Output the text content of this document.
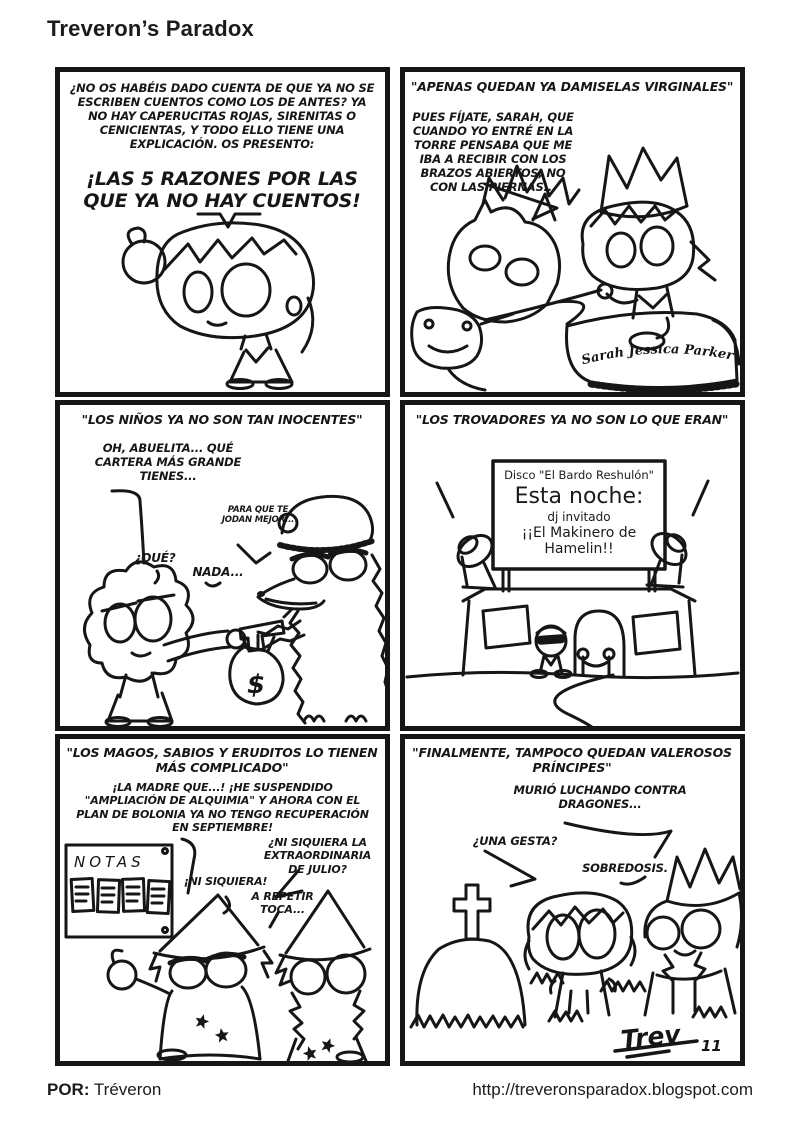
Treveron’s Paradox
¿NO OS HABÉIS DADO CUENTA DE QUE YA NO SE ESCRIBEN CUENTOS COMO LOS DE ANTES? YA NO HAY CAPERUCITAS ROJAS, SIRENITAS O CENICIENTAS, Y TODO ELLO TIENE UNA EXPLICACIÓN. OS PRESENTO:
¡LAS 5 RAZONES POR LAS QUE YA NO HAY CUENTOS!
Sarah Jessica Parker
"APENAS QUEDAN YA DAMISELAS VIRGINALES"
PUES FÍJATE, SARAH, QUE CUANDO YO ENTRÉ EN LA TORRE PENSABA QUE ME IBA A RECIBIR CON LOS BRAZOS ABIERTOS, NO CON LAS PIERNAS...
$
"LOS NIÑOS YA NO SON TAN INOCENTES"
OH, ABUELITA... QUÉ CARTERA MÁS GRANDE TIENES...
PARA QUE TE JODAN MEJOR...
¿QUÉ?
NADA...
"LOS TROVADORES YA NO SON LO QUE ERAN"
Disco "El Bardo Reshulón"
Esta noche:
dj invitado
¡¡El Makinero de Hamelin!!
NOTAS
"LOS MAGOS, SABIOS Y ERUDITOS LO TIENEN MÁS COMPLICADO"
¡LA MADRE QUE...! ¡HE SUSPENDIDO "AMPLIACIÓN DE ALQUIMIA" Y AHORA CON EL PLAN DE BOLONIA YA NO TENGO RECUPERACIÓN EN SEPTIEMBRE!
¿NI SIQUIERA LA EXTRAORDINARIA DE JULIO?
¡NI SIQUIERA!
A REPETIR TOCA...
Trev 11
"FINALMENTE, TAMPOCO QUEDAN VALEROSOS PRÍNCIPES"
MURIÓ LUCHANDO CONTRA DRAGONES...
¿UNA GESTA?
SOBREDOSIS.
POR: Tréveron	http://treveronsparadox.blogspot.com
